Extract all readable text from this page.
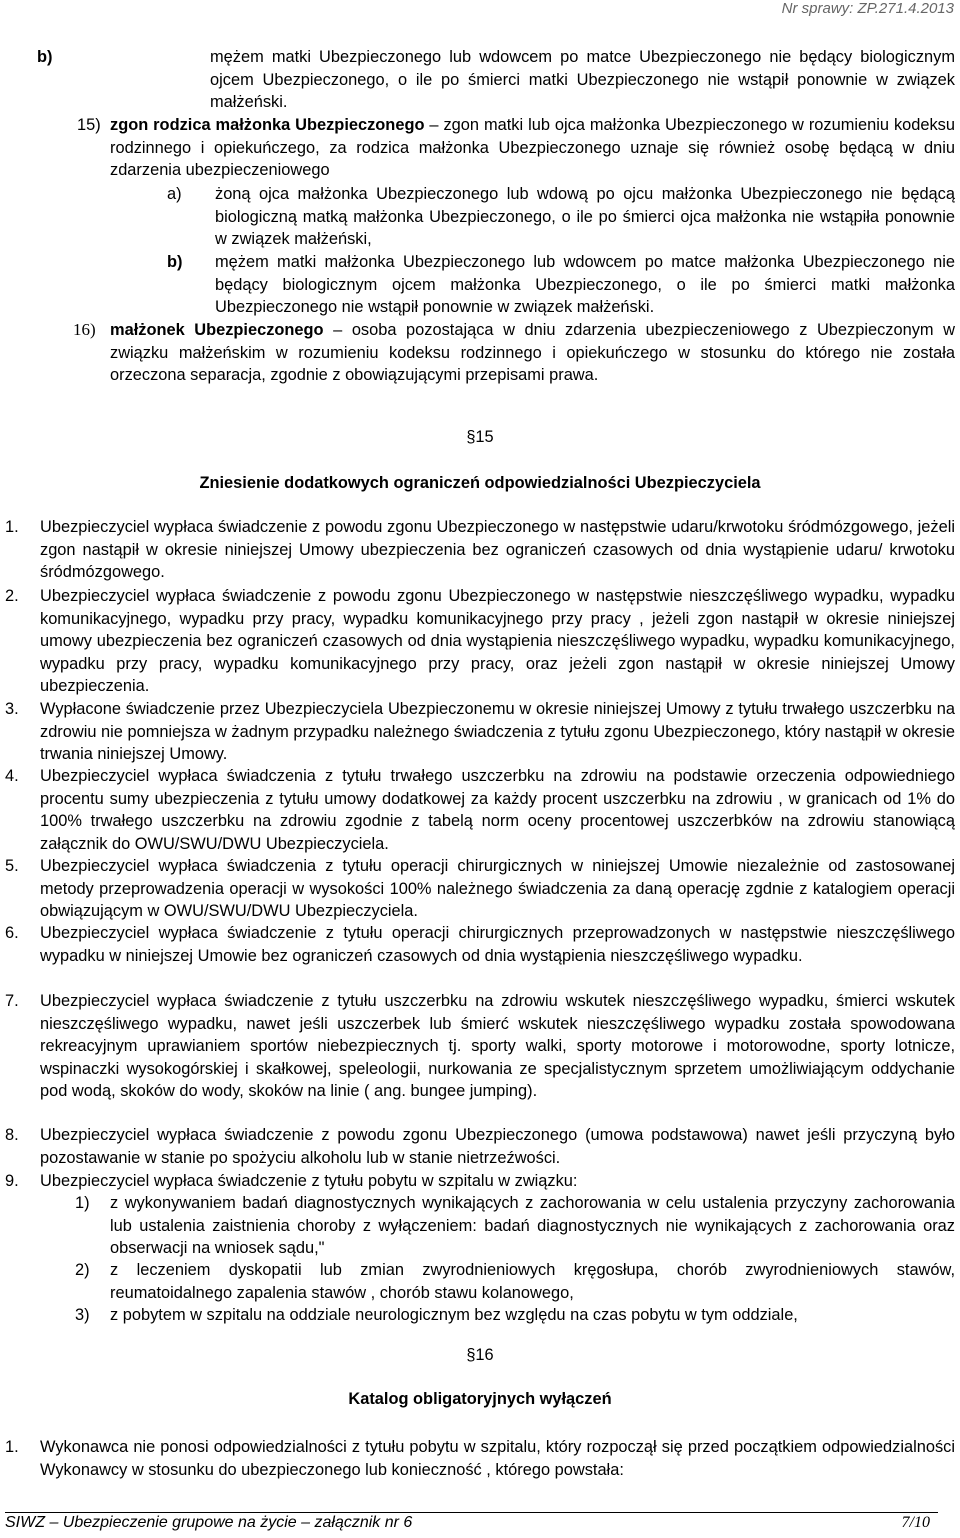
Nr sprawy: ZP.271.4.2013
b)	mężem matki Ubezpieczonego lub wdowcem po matce Ubezpieczonego nie będący biologicznym ojcem Ubezpieczonego, o ile po śmierci matki Ubezpieczonego nie wstąpił ponownie w związek małżeński.
15) zgon rodzica małżonka Ubezpieczonego – zgon matki lub ojca małżonka Ubezpieczonego w rozumieniu kodeksu rodzinnego i opiekuńczego, za rodzica małżonka Ubezpieczonego uznaje się również osobę będącą w dniu zdarzenia ubezpieczeniowego
a) żoną ojca małżonka Ubezpieczonego lub wdową po ojcu małżonka Ubezpieczonego nie będącą biologiczną matką małżonka Ubezpieczonego, o ile po śmierci ojca małżonka nie wstąpiła ponownie w związek małżeński,
b) mężem matki małżonka Ubezpieczonego lub wdowcem po matce małżonka Ubezpieczonego nie będący biologicznym ojcem małżonka Ubezpieczonego, o ile po śmierci matki małżonka Ubezpieczonego nie wstąpił ponownie w związek małżeński.
16) małżonek Ubezpieczonego – osoba pozostająca w dniu zdarzenia ubezpieczeniowego z Ubezpieczonym w związku małżeńskim w rozumieniu kodeksu rodzinnego i opiekuńczego w stosunku do którego nie została orzeczona separacja, zgodnie z obowiązującymi przepisami prawa.
§15
Zniesienie dodatkowych ograniczeń odpowiedzialności Ubezpieczyciela
1. Ubezpieczyciel wypłaca świadczenie z powodu zgonu Ubezpieczonego w następstwie udaru/krwotoku śródmózgowego, jeżeli zgon nastąpił w okresie niniejszej Umowy ubezpieczenia bez ograniczeń czasowych od dnia wystąpienie udaru/ krwotoku śródmózgowego.
2. Ubezpieczyciel wypłaca świadczenie z powodu zgonu Ubezpieczonego w następstwie nieszczęśliwego wypadku, wypadku komunikacyjnego, wypadku przy pracy, wypadku komunikacyjnego przy pracy , jeżeli zgon nastąpił w okresie niniejszej umowy ubezpieczenia bez ograniczeń czasowych od dnia wystąpienia nieszczęśliwego wypadku, wypadku komunikacyjnego, wypadku przy pracy, wypadku komunikacyjnego przy pracy, oraz jeżeli zgon nastąpił w okresie niniejszej Umowy ubezpieczenia.
3. Wypłacone świadczenie przez Ubezpieczyciela Ubezpieczonemu w okresie niniejszej Umowy z tytułu trwałego uszczerbku na zdrowiu nie pomniejsza w żadnym przypadku należnego świadczenia z tytułu zgonu Ubezpieczonego, który nastąpił w okresie trwania niniejszej Umowy.
4. Ubezpieczyciel wypłaca świadczenia z tytułu trwałego uszczerbku na zdrowiu na podstawie orzeczenia odpowiedniego procentu sumy ubezpieczenia z tytułu umowy dodatkowej za każdy procent uszczerbku na zdrowiu , w granicach od 1% do 100% trwałego uszczerbku na zdrowiu zgodnie z tabelą norm oceny procentowej uszczerbków na zdrowiu stanowiącą załącznik do OWU/SWU/DWU Ubezpieczyciela.
5. Ubezpieczyciel wypłaca świadczenia z tytułu operacji chirurgicznych w niniejszej Umowie niezależnie od zastosowanej metody przeprowadzenia operacji w wysokości 100% należnego świadczenia za daną operację zgdnie z katalogiem operacji obwiązującym w OWU/SWU/DWU Ubezpieczyciela.
6. Ubezpieczyciel wypłaca świadczenie z tytułu operacji chirurgicznych przeprowadzonych w następstwie nieszczęśliwego wypadku w niniejszej Umowie bez ograniczeń czasowych od dnia wystąpienia nieszczęśliwego wypadku.
7. Ubezpieczyciel wypłaca świadczenie z tytułu uszczerbku na zdrowiu wskutek nieszczęśliwego wypadku, śmierci wskutek nieszczęśliwego wypadku, nawet jeśli uszczerbek lub śmierć wskutek nieszczęśliwego wypadku została spowodowana rekreacyjnym uprawianiem sportów niebezpiecznych tj. sporty walki, sporty motorowe i motorowodne, sporty lotnicze, wspinaczki wysokogórskiej i skałkowej, speleologii, nurkowania ze specjalistycznym sprzetem umożliwiającym oddychanie pod wodą, skoków do wody, skoków na linie ( ang. bungee jumping).
8. Ubezpieczyciel wypłaca świadczenie z powodu zgonu Ubezpieczonego (umowa podstawowa) nawet jeśli przyczyną było pozostawanie w stanie po spożyciu alkoholu lub w stanie nietrzeźwości.
9. Ubezpieczyciel wypłaca świadczenie z tytułu pobytu w szpitalu w związku:
1) z wykonywaniem badań diagnostycznych wynikających z zachorowania w celu ustalenia przyczyny zachorowania lub ustalenia zaistnienia choroby z wyłączeniem: badań diagnostycznych nie wynikających z zachorowania oraz obserwacji na wniosek sądu,"
2) z leczeniem dyskopatii lub zmian zwyrodnieniowych kręgosłupa, chorób zwyrodnieniowych stawów, reumatoidalnego zapalenia stawów , chorób stawu kolanowego,
3) z pobytem w szpitalu na oddziale neurologicznym bez względu na czas pobytu w tym oddziale,
§16
Katalog obligatoryjnych wyłączeń
1. Wykonawca nie ponosi odpowiedzialności z tytułu pobytu w szpitalu, który rozpoczął się przed początkiem odpowiedzialności Wykonawcy w stosunku do ubezpieczonego lub konieczność , którego powstała:
SIWZ – Ubezpieczenie grupowe na życie – załącznik nr 6	7/10
